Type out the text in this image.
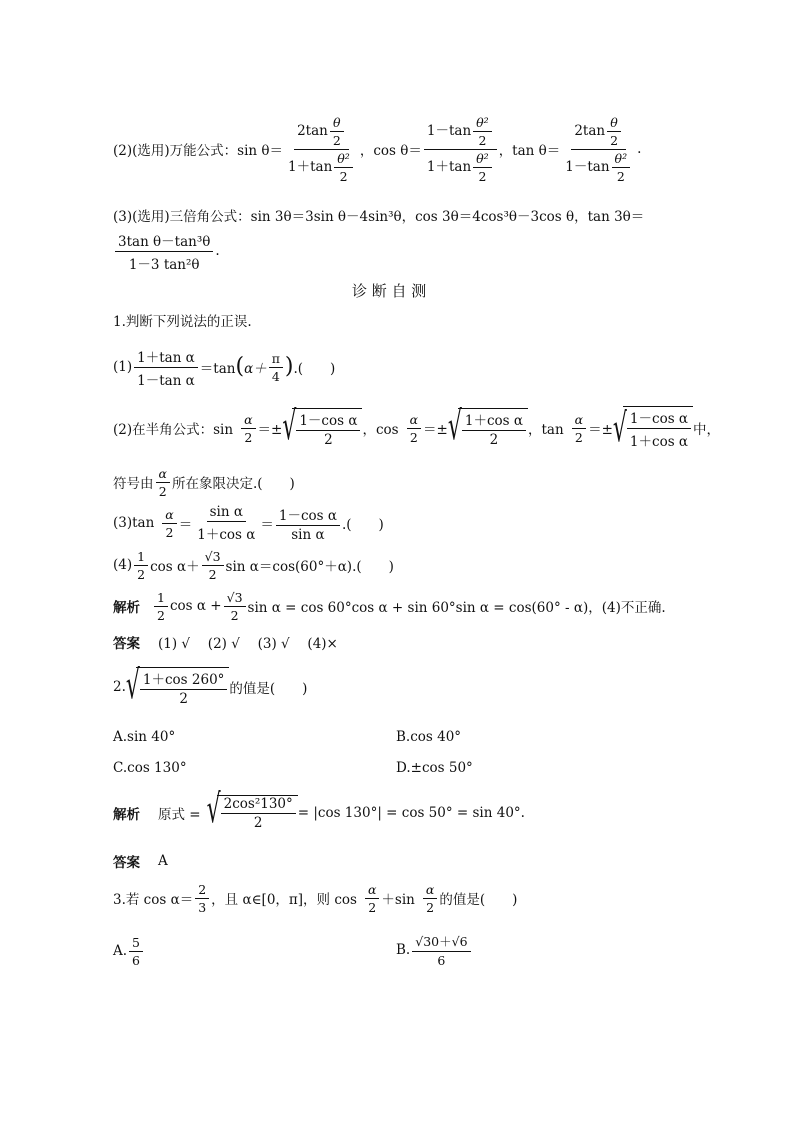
(2)(选用)万能公式：sin θ＝
$2\tan \frac{\theta}{2}$
$1+\tan \frac{\text{θ²}}{2}$ ，cos θ＝
$1-\tan \frac{\text{θ²}}{2}$
$1+\tan \frac{\text{θ²}}{2}$ ，tan θ＝
$2\tan \frac{\theta}{2}$
$1-\tan \frac{\text{θ²}}{2}$
.
(3)(选用)三倍角公式：sin 3θ＝3sin θ－4sin³θ，cos 3θ＝4cos³θ－3cos θ，tan 3θ＝
3tan θ－tan³θ
1－3 tan²θ
.
诊 断 自 测
1.判断下列说法的正误.
(1)
1＋tan α
1－tan α
＝tan ( α＋
π
4 ) .(　　)
(2)在半角公式：sin
α
2 ＝± √ $\frac{\text{1－cos α}}{2}$ ，cos
α
2 ＝± √ $\frac{\text{1＋cos α}}{2}$ ，tan
α
2 ＝± √ $\frac{\text{1－cos α}}{\text{1＋cos α}}$ 中，
符号由
α
2 所在象限决定.(　　)
(3)tan
α
2 ＝
sin α
1＋cos α
＝
1－cos α
sin α
.(　　)
(4)
1
2 cos α＋
√3
2 sin α＝cos(60°＋α).(　　)
解析
1
2
$\cos \alpha + \frac{√3}{2}$ sin α = cos 60°cos α + sin 60°sin α = cos(60° - α)，(4)不正确.
答案 (1) √　 (2) √　 (3) √　 (4)×
2. √ $\frac{1+\cos 260^\circ}{2}$ 的值是(　　)
A.sin 40°	B.cos 40°
C.cos 130°	D.±cos 50°
解析 原式 = √ $\frac{\text{2cos²130°}}{2} = |\cos$ 130°| = cos 50° = sin 40°.
答案 A
3.若 cos α＝
2
3 ，且 α∈[0，π]，则 cos
α
2 ＋sin
α
2 的值是(　　)
A.
5
6
B.
√30＋√6
6
